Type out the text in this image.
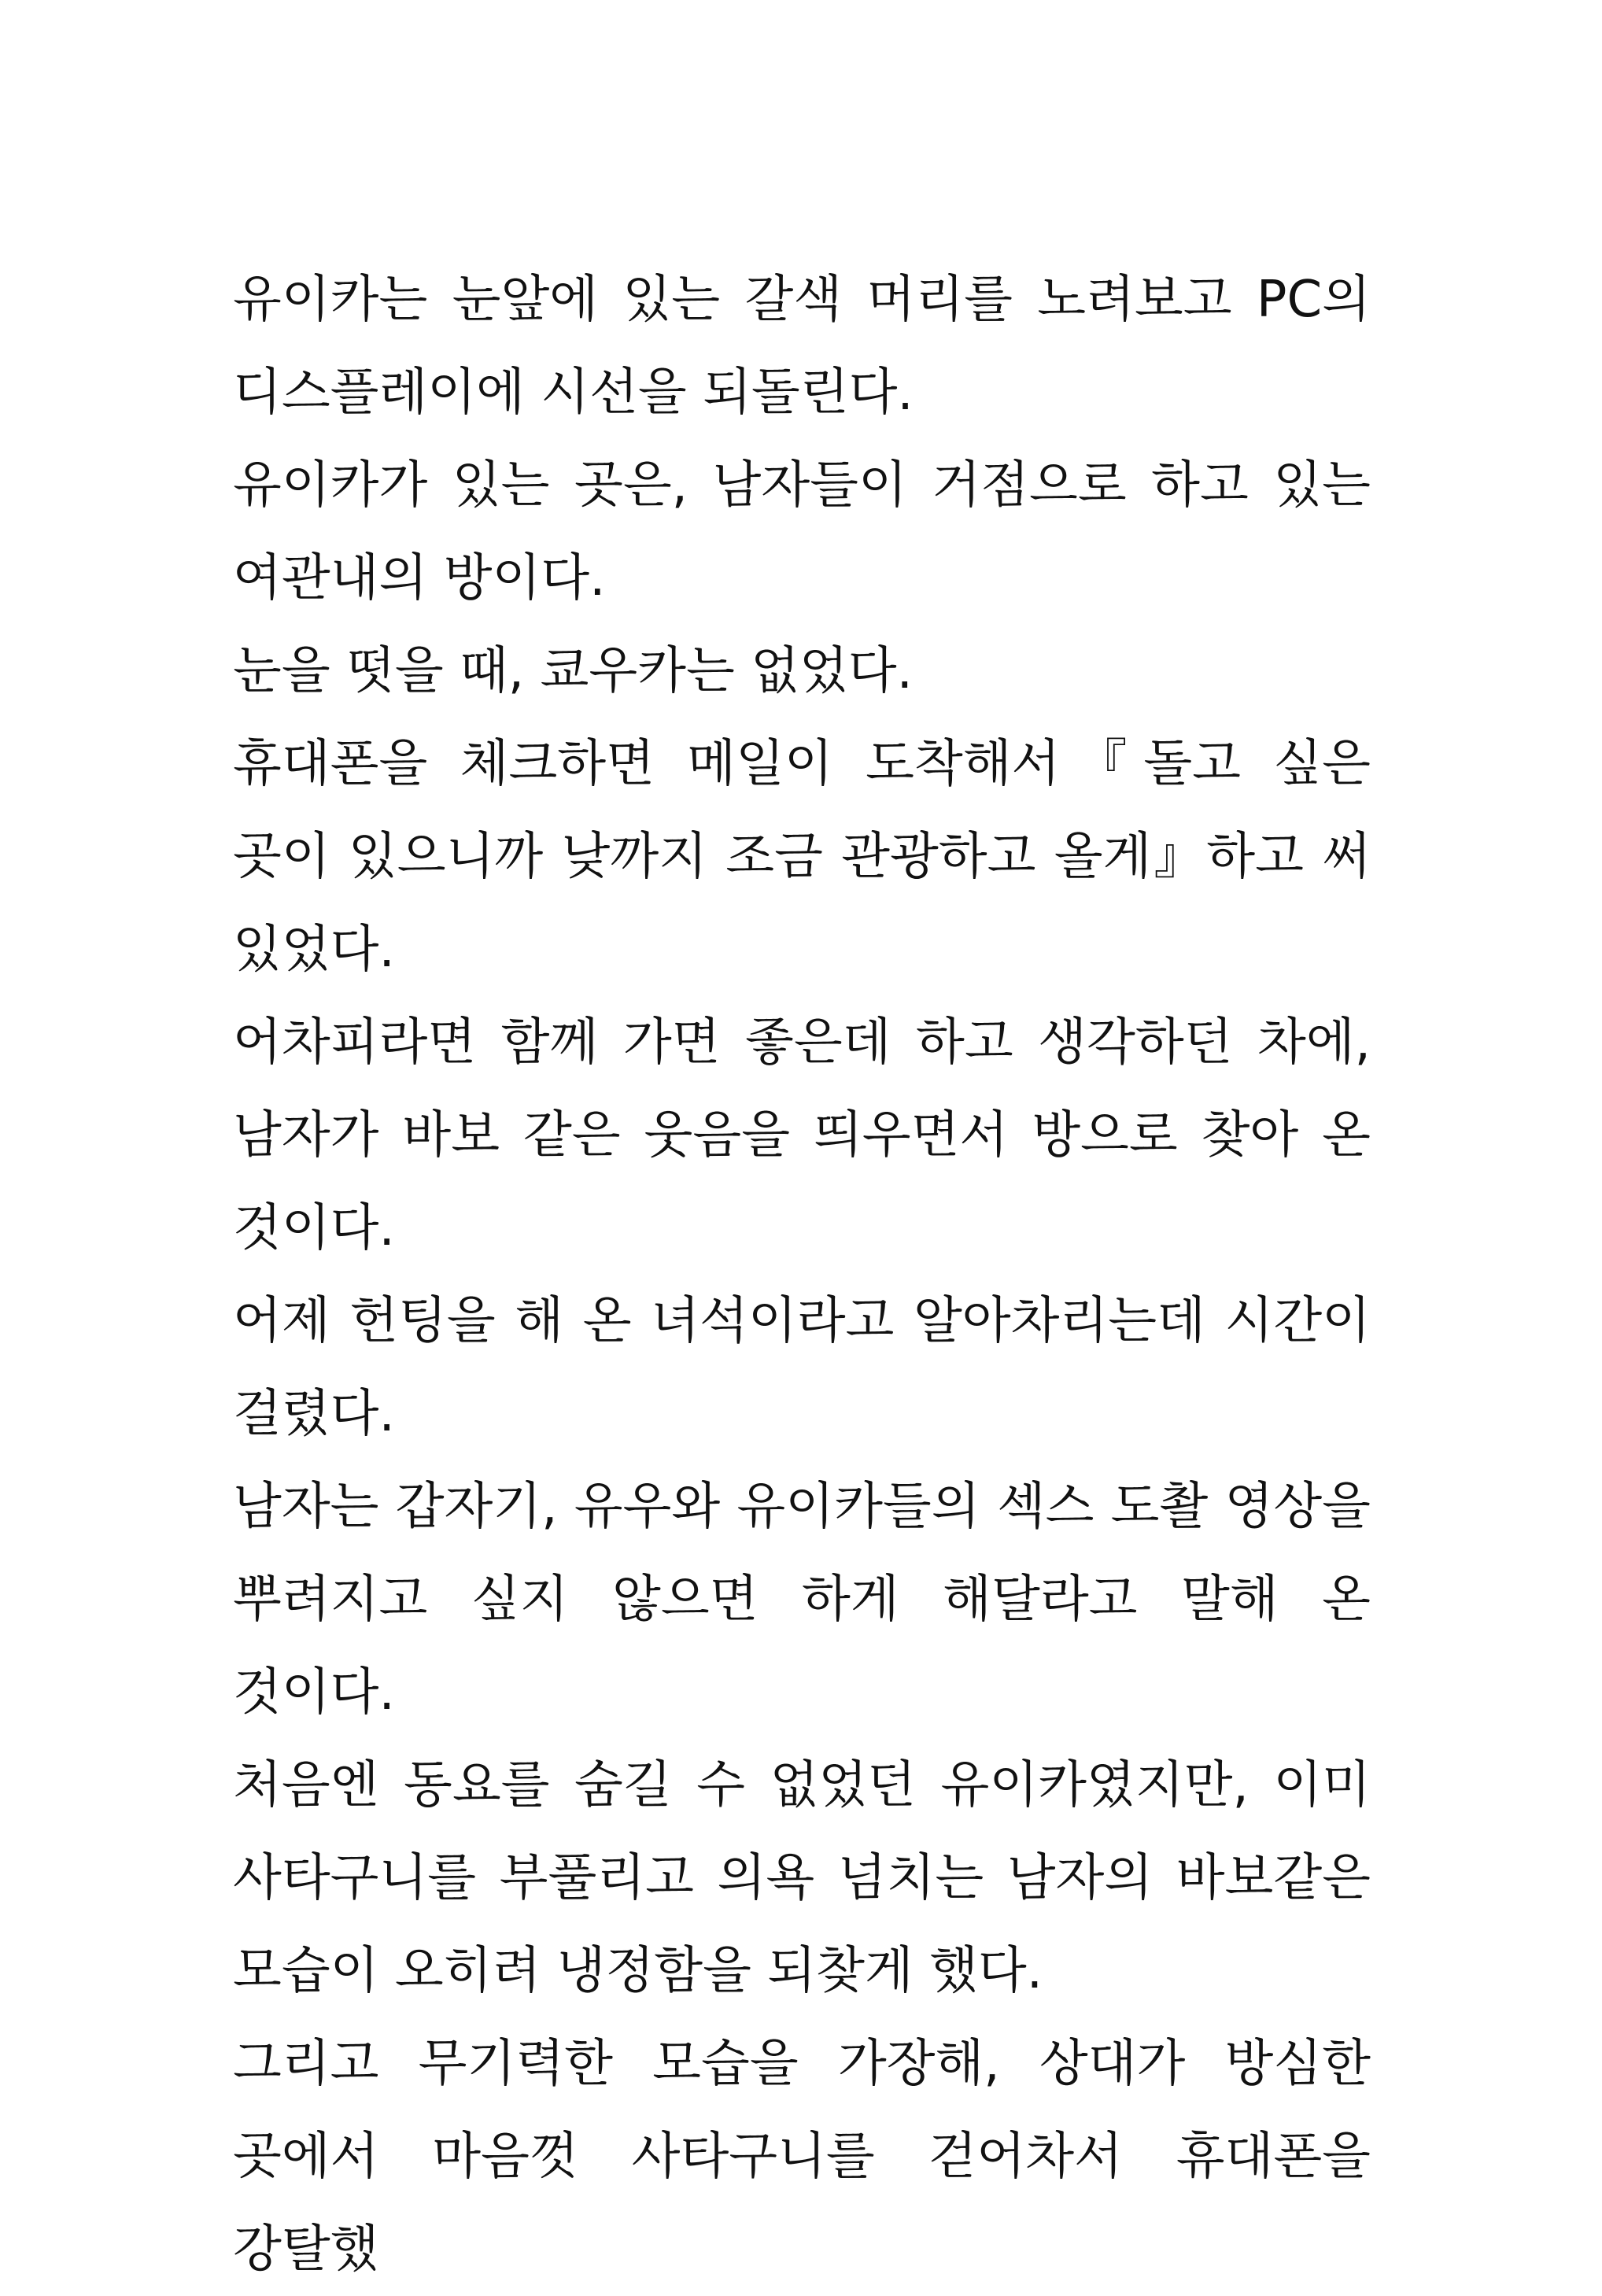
유이카는 눈앞에 있는 갈색 머리를 노려보고 PC의 디스플레이에 시선을 되돌린다.

유이카가 있는 곳은, 남자들이 거점으로 하고 있는 여관내의 방이다.

눈을 떳을 때, 쿄우카는 없었다.

휴대폰을 체크하면 메일이 도착해서『돌고 싶은 곳이 있으니까 낮까지 조금 관광하고 올게』하고 써 있었다.

어차피라면 함께 가면 좋은데 하고 생각하던 차에, 남자가 바보 같은 웃음을 띄우면서 방으로 찾아 온 것이다.

어제 헌팅을 해 온 녀석이라고 알아차리는데 시간이 걸렸다.

남자는 갑자기, 유우와 유이카들의 섹스 도촬 영상을 뿌려지고 싶지 않으면 하게 해달라고 말해 온 것이다.

처음엔 동요를 숨길 수 없었던 유이카였지만, 이미 사타구니를 부풀리고 의욕 넘치는 남자의 바보같은 모습이 오히려 냉정함을 되찾게 했다.

그리고 무기력한 모습을 가장해, 상대가 방심한 곳에서 마음껏 사타구니를 걷어차서 휴대폰을 강탈했
